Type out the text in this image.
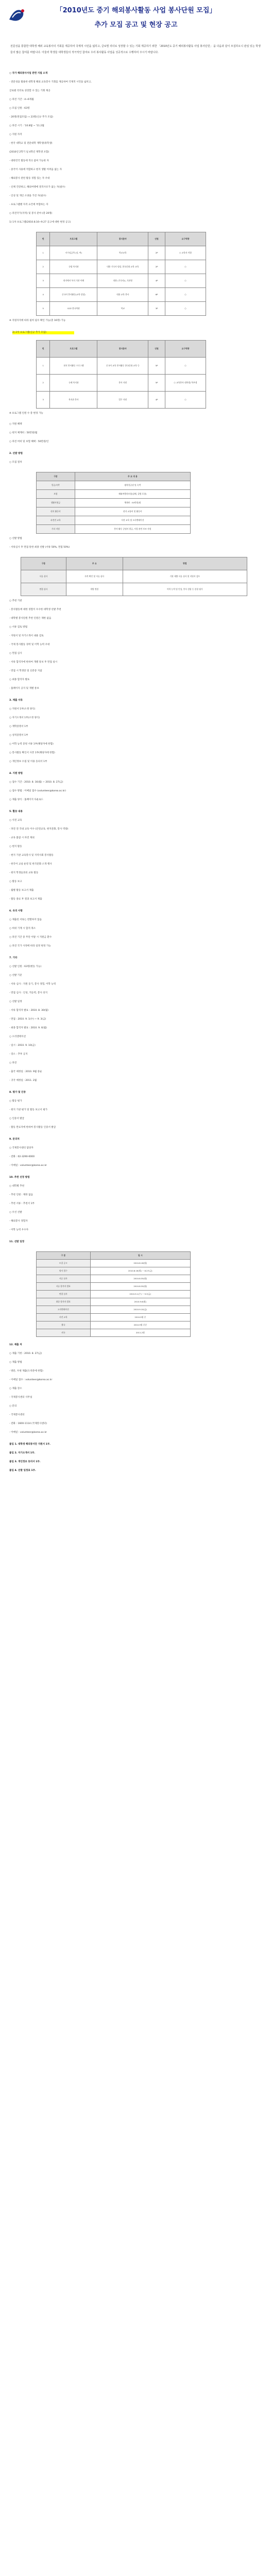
「2010년도 중기 해외봉사활동 사업 봉사단원 모집」
추가 모집 공고 및 현장 공고
전문성을 통함한 대학생 해외 교육봉사의 기회를 제공하여 국제적 시민을 넓히고, 글로벌 리더로 성장할 수 있는 기회 제공하기 위한 「2010년도 중기 해외봉사활동 사업 봉사단원」 을 다음과 같이 모집하오니 관심 있는 학생들의 많은 참여를 바랍니다. 아울러 학생들 대학생들의 적극적인 참여로 우리 봉사활동 사업을 성공적으로 수행하여 주시기 바랍니다.
○ 국가 해외봉사사업 관련 지침 소개
- 전문성을 활용한 대학생 해외 교육봉사 기회를 제공하여 국제적 시민을 넓히고,
글로벌 리더로 성장할 수 있는 기회 제공
○ 파견 기간 : 4~6개월
○ 모집 인원 : 63명
- 20명(면접모집) + 23명(신규 추가 모집)
○ 파견 시기 : '10.8월 ~ '11.2월
○ 지원 자격
- 한국 대학교 및 전문대학 재학생(휴학생)
(2010년 2학기 일 4학년 재학생 포함)
- 대한민국 활동에 적극 참여 가능한 자
- 중국어 사용에 적합하고 현지 생활 어려움 없는 자
- 해외봉사 관련 활동 경험 있는 자 우대
- 신체 건강하고, 해외여행에 결격사유가 없는 자(필수)
- 인성 및 개인 소양을 가진 자(필수)
- 프로그램별 자격 요건에 부합하는 자
○ 파견국가(지역) 및 봉사 분야 (총 20명)
1) 1차 프로그램(2010.8.16~9.27 공고에 대한 변경 공고)
번	프로그램	봉사분야	인원	요구역량
1	사수임금학 (남, 여)	학교교육	2P	○ 교육자 적합
2	국립 복지관	내용 기숙사 담당, 한국문화 교육 교육	2P	○
3	현지에서 복지 기관 이해	내용 (기숙사/), 기관형	4P	○
4	중국어 봉사활동(교육 담당)	내용 교육 봉사	6P	○
5	GCE 한국학관	학교	3P	○
※ 지원자격에 따라 필히 필수 확인 가능(총 16명) 가능
2) 2차 프로그램(신규 추가 모집)
번	프로그램	봉사분야	인원	요구역량
1	현지 봉사활동 프로그램	중국어 교육 봉사활동 한국문화 교육 등	5P	○
2	국제 복지관	봉사 지원	5P	○ 교육봉사 대학생/ 학부생
3	복지관 봉사	업무 지원	4P	○
※ 프로그램 인원 수 총 변경 가능
○ 지원 혜택
○ 현지 체재비 : 50만원/월
○ 파견 여비 및 보험 혜택 : 50만원/인
2. 선발 방법
○ 모집 절차
구분	주 요 내 용
항공/숙박	왕복항공권 및 숙박
보험	해외여행자보험(상해, 질병 포함)
생활지원금	체재비 : 50만원/월
현지 활동비	현지 교통비 및 활동비
파견전 교육	사전 교육 및 오리엔테이션
기타 지원	봉사 활동 증명서 발급, 사업 관련 보조 지원
○ 선발 방법
- 서류심사 후 면접 통한 최종 선발 (서류 50%, 면접 50%)
구분	주 요	방법
서류 심사	자격 확인 및 서류 심사	기관 제출 서류 심사 및 지원서 검토
면접 심사	개별 면접	어학 능력 및 인성, 봉사 경험 등 종합 평가
○ 추천 기관
- 봉사활동에 대한 경험이 우수한 대학생 선발 추천
- 대학별 봉사단원 추천 인원은 제한 없음
○ 서류 검토 방법
- 지원서 및 자기소개서 내용 검토
- 국제 봉사활동 경력 및 어학 능력 우대
○ 면접 심사
- 서류 합격자에 한하여 개별 통보 후 면접 실시
- 면접 시 학생증 및 신분증 지참
○ 최종 합격자 발표
- 홈페이지 공지 및 개별 통보
3. 제출 서류
○ 지원서 1부(소정 양식)
○ 자기소개서 1부(소정 양식)
○ 재학증명서 1부
○ 성적증명서 1부
○ 어학 능력 증빙 서류 1부(해당자에 한함)
○ 봉사활동 확인서 사본 1부(해당자에 한함)
○ 개인정보 수집 및 이용 동의서 1부
4. 지원 방법
○ 접수 기간 : 2010. 8. 16(월) ~ 2010. 8. 27(금)
○ 접수 방법 : 이메일 접수 (volunteer@korea.ac.kr)
○ 제출 양식 : 홈페이지 다운로드
5. 활동 내용
○ 사전 교육
- 파견 전 국내 교육 이수 (안전교육, 현지문화, 봉사 역량)
- 교육 불참 시 파견 제외
○ 현지 활동
- 현지 기관 교육봉사 및 지역사회 봉사활동
- 한국어 교실 운영 및 한국문화 소개 행사
- 현지 학생들과의 교류 활동
○ 활동 보고
- 월별 활동 보고서 제출
- 활동 종료 후 결과 보고서 제출
6. 유의 사항
○ 제출된 서류는 반환하지 않음
○ 허위 기재 시 합격 취소
○ 파견 기간 중 무단 이탈 시 지원금 환수
○ 파견 국가 사정에 따라 일정 변경 가능
7. 기타
○ 선발 인원 : 63명(변동 가능)
○ 선발 기준
- 서류 심사 : 지원 동기, 봉사 경험, 어학 능력
- 면접 심사 : 인성, 적응력, 봉사 의지
○ 선발 일정
- 서류 합격자 발표 : 2010. 8. 30(월)
- 면접 : 2010. 9. 1(수) ~ 9. 3(금)
- 최종 합격자 발표 : 2010. 9. 6(월)
○ 오리엔테이션
- 일시 : 2010. 9. 10(금)
- 장소 : 추후 공지
○ 파견
- 출국 예정일 : 2010. 9월 중순
- 귀국 예정일 : 2011. 2월
8. 평가 및 인증
○ 활동 평가
- 현지 기관 평가 및 활동 보고서 평가
○ 인증서 발급
- 활동 완료자에 한하여 봉사활동 인증서 발급
9. 문의처
○ 국제봉사센터 담당자
- 전화 : 02-3290-0000
- 이메일 : volunteer@korea.ac.kr
10. 추천 선정 방법
○ 대학별 추천
- 추천 인원 : 제한 없음
- 추천 서류 : 추천서 1부
○ 우선 선발
- 해외봉사 경험자
- 어학 능력 우수자
11. 선발 일정
구 분	일 시
모집 공고	2010.8.16(월)
원서 접수	2010.8.16(월) ~ 8.27(금)
서류 심사	2010.8.30(월)
서류 합격자 발표	2010.8.30(월)
면접 심사	2010.9.1(수) ~ 9.3(금)
최종 합격자 발표	2010.9.6(월)
오리엔테이션	2010.9.10(금)
사전 교육	2010.9월 중
출국	2010.9월 중순
귀국	2011.2월
12. 제출 처
○ 제출 기한 : 2010. 8. 27(금)
○ 제출 방법
- 방문, 우편 제출(도착분에 한함)
- 이메일 접수 : volunteer@korea.ac.kr
○ 제출 장소
- 국제봉사센터 사무실
○ 문의
- 국제봉사센터
- 전화 : 1600-1114 (국제봉사센터)
- 이메일 : volunteer@korea.ac.kr
붙임 1. 대학생 해외봉사단 지원서 1부.
붙임 2. 자기소개서 1부.
붙임 3. 개인정보 동의서 1부.
붙임 4. 선발 일정표 1부.
